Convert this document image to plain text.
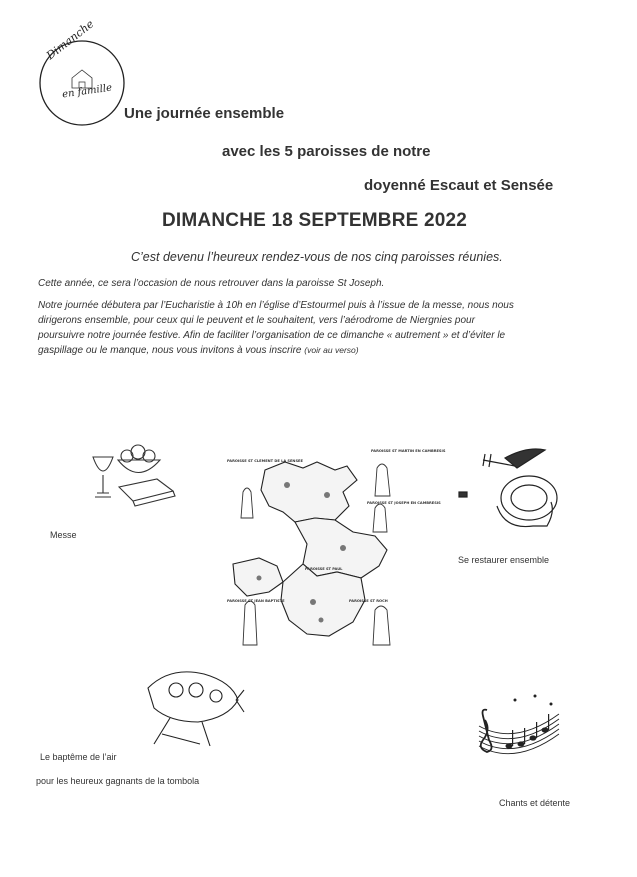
Dimanche
en famille
Une journée ensemble
avec les 5 paroisses de notre
doyenné Escaut et Sensée
DIMANCHE 18 SEPTEMBRE 2022
C’est devenu l’heureux rendez-vous de nos cinq paroisses réunies.
Cette année, ce sera l’occasion de nous retrouver dans la paroisse St Joseph.
Notre journée débutera par l’Eucharistie à 10h en l’église d’Estourmel puis à l’issue de la messe, nous nous
dirigerons ensemble, pour ceux qui le peuvent et le souhaitent, vers l’aérodrome de Niergnies pour
poursuivre notre journée festive. Afin de faciliter l’organisation de ce dimanche « autrement » et d’éviter le
gaspillage ou le manque, nous vous invitons à vous inscrire (voir au verso)
Messe
PAROISSE ST CLEMENT DE LA SENSEE
PAROISSE ST MARTIN EN CAMBRESIS
PAROISSE ST JOSEPH EN CAMBRESIS
PAROISSE ST PAUL
PAROISSE ST JEAN BAPTISTE	PAROISSE ST ROCH
Se restaurer ensemble
Le baptême de l’air
pour les heureux gagnants de la tombola
Chants et détente
